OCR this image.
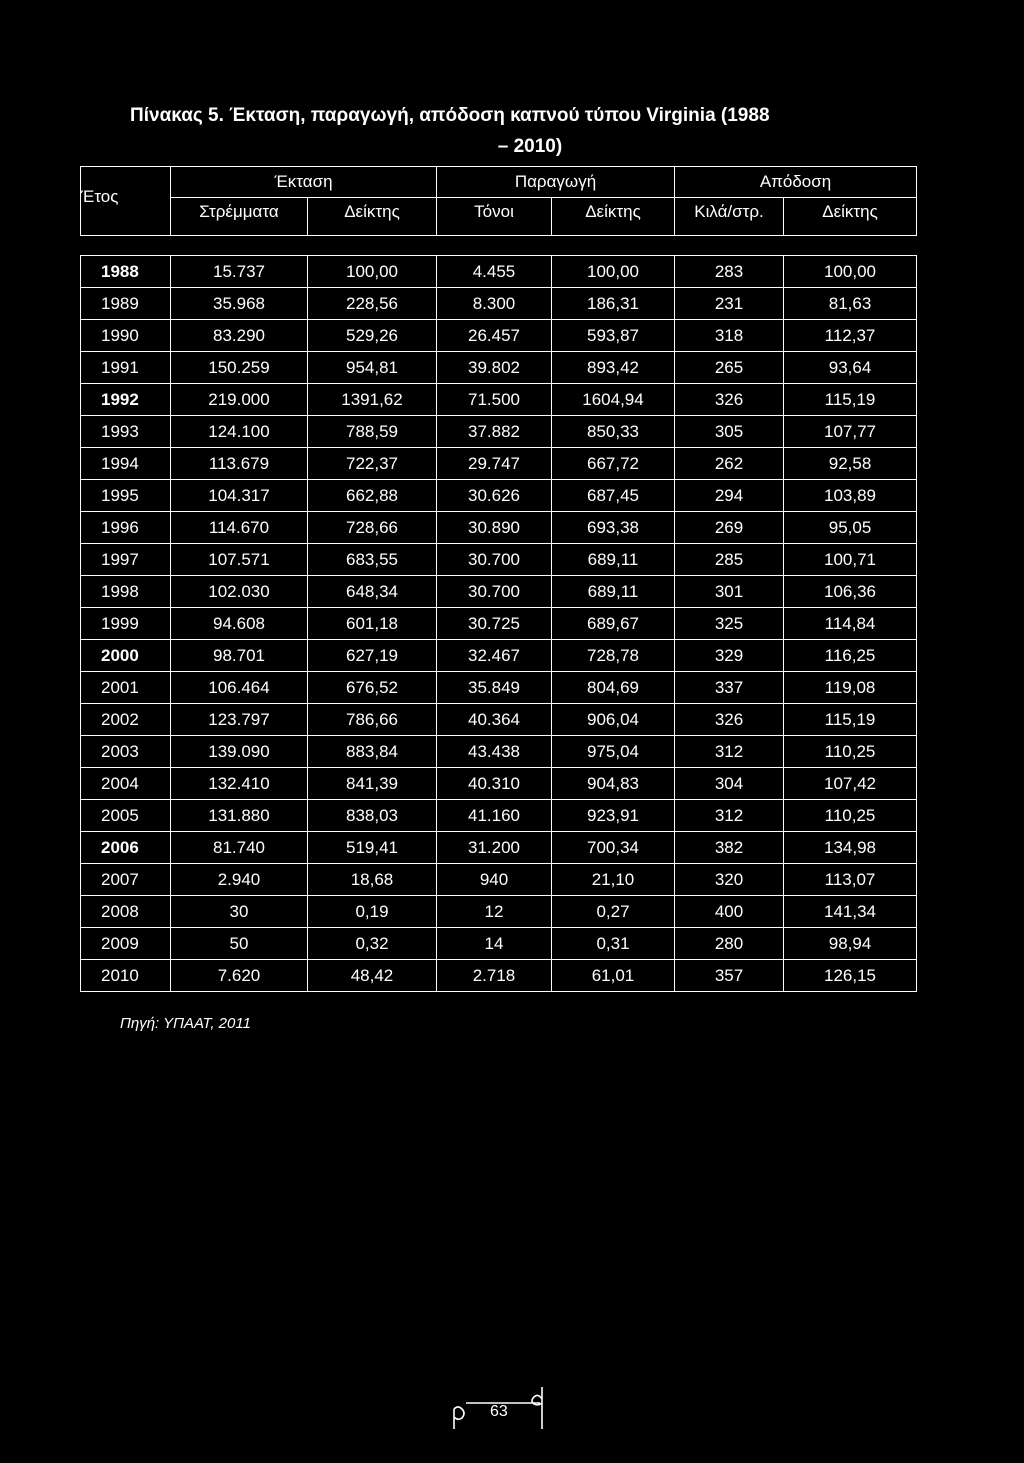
Πίνακας 5. Έκταση, παραγωγή, απόδοση καπνού τύπου Virginia (1988
– 2010)
Έτος	Έκταση		Παραγωγή		Απόδοση	
	Στρέμματα	Δείκτης	Τόνοι	Δείκτης	Κιλά/στρ.	Δείκτης

1988	15.737	100,00	4.455	100,00	283	100,00
1989	35.968	228,56	8.300	186,31	231	81,63
1990	83.290	529,26	26.457	593,87	318	112,37
1991	150.259	954,81	39.802	893,42	265	93,64
1992	219.000	1391,62	71.500	1604,94	326	115,19
1993	124.100	788,59	37.882	850,33	305	107,77
1994	113.679	722,37	29.747	667,72	262	92,58
1995	104.317	662,88	30.626	687,45	294	103,89
1996	114.670	728,66	30.890	693,38	269	95,05
1997	107.571	683,55	30.700	689,11	285	100,71
1998	102.030	648,34	30.700	689,11	301	106,36
1999	94.608	601,18	30.725	689,67	325	114,84
2000	98.701	627,19	32.467	728,78	329	116,25
2001	106.464	676,52	35.849	804,69	337	119,08
2002	123.797	786,66	40.364	906,04	326	115,19
2003	139.090	883,84	43.438	975,04	312	110,25
2004	132.410	841,39	40.310	904,83	304	107,42
2005	131.880	838,03	41.160	923,91	312	110,25
2006	81.740	519,41	31.200	700,34	382	134,98
2007	2.940	18,68	940	21,10	320	113,07
2008	30	0,19	12	0,27	400	141,34
2009	50	0,32	14	0,31	280	98,94
2010	7.620	48,42	2.718	61,01	357	126,15
Πηγή: ΥΠΑΑΤ, 2011
63
